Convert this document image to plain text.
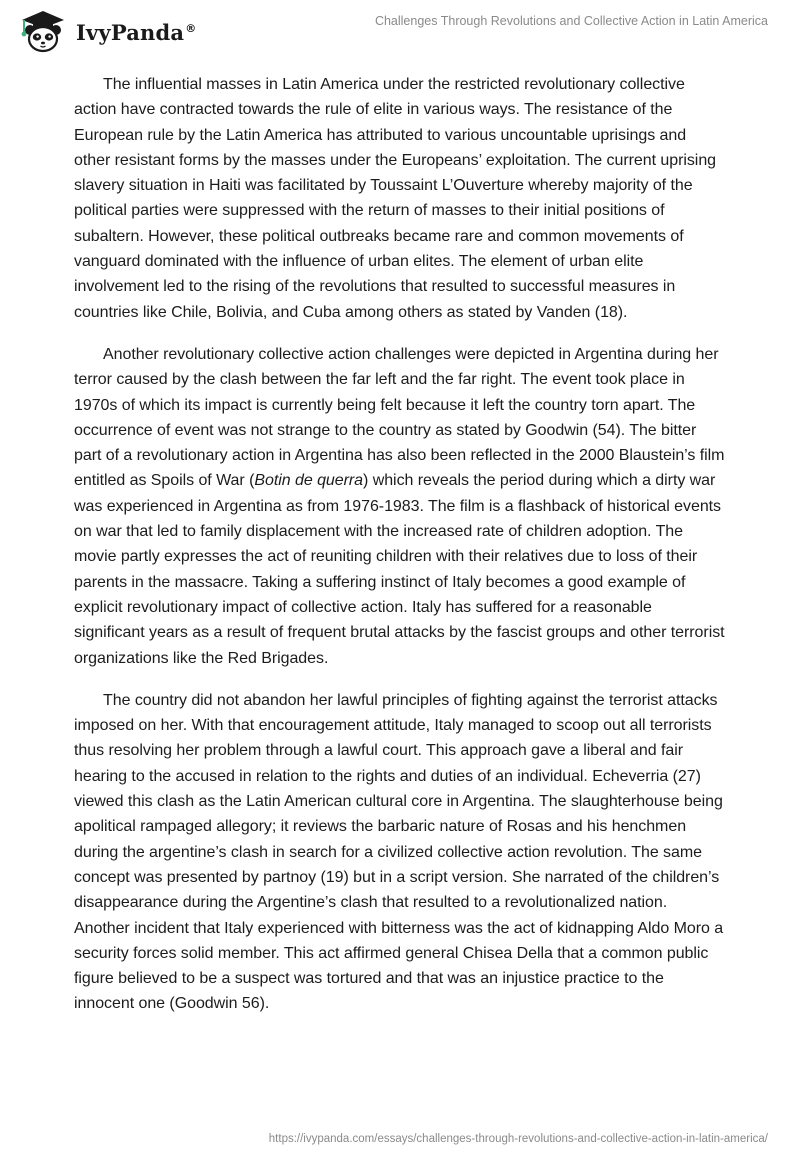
IvyPanda®	Challenges Through Revolutions and Collective Action in Latin America

The influential masses in Latin America under the restricted revolutionary collective action have contracted towards the rule of elite in various ways. The resistance of the European rule by the Latin America has attributed to various uncountable uprisings and other resistant forms by the masses under the Europeans’ exploitation. The current uprising slavery situation in Haiti was facilitated by Toussaint L’Ouverture whereby majority of the political parties were suppressed with the return of masses to their initial positions of subaltern. However, these political outbreaks became rare and common movements of vanguard dominated with the influence of urban elites. The element of urban elite involvement led to the rising of the revolutions that resulted to successful measures in countries like Chile, Bolivia, and Cuba among others as stated by Vanden (18).

Another revolutionary collective action challenges were depicted in Argentina during her terror caused by the clash between the far left and the far right. The event took place in 1970s of which its impact is currently being felt because it left the country torn apart. The occurrence of event was not strange to the country as stated by Goodwin (54). The bitter part of a revolutionary action in Argentina has also been reflected in the 2000 Blaustein’s film entitled as Spoils of War (Botin de querra) which reveals the period during which a dirty war was experienced in Argentina as from 1976-1983. The film is a flashback of historical events on war that led to family displacement with the increased rate of children adoption. The movie partly expresses the act of reuniting children with their relatives due to loss of their parents in the massacre. Taking a suffering instinct of Italy becomes a good example of explicit revolutionary impact of collective action. Italy has suffered for a reasonable significant years as a result of frequent brutal attacks by the fascist groups and other terrorist organizations like the Red Brigades.

The country did not abandon her lawful principles of fighting against the terrorist attacks imposed on her. With that encouragement attitude, Italy managed to scoop out all terrorists thus resolving her problem through a lawful court. This approach gave a liberal and fair hearing to the accused in relation to the rights and duties of an individual. Echeverria (27) viewed this clash as the Latin American cultural core in Argentina. The slaughterhouse being apolitical rampaged allegory; it reviews the barbaric nature of Rosas and his henchmen during the argentine’s clash in search for a civilized collective action revolution. The same concept was presented by partnoy (19) but in a script version. She narrated of the children’s disappearance during the Argentine’s clash that resulted to a revolutionalized nation. Another incident that Italy experienced with bitterness was the act of kidnapping Aldo Moro a security forces solid member. This act affirmed general Chisea Della that a common public figure believed to be a suspect was tortured and that was an injustice practice to the innocent one (Goodwin 56).

https://ivypanda.com/essays/challenges-through-revolutions-and-collective-action-in-latin-america/
